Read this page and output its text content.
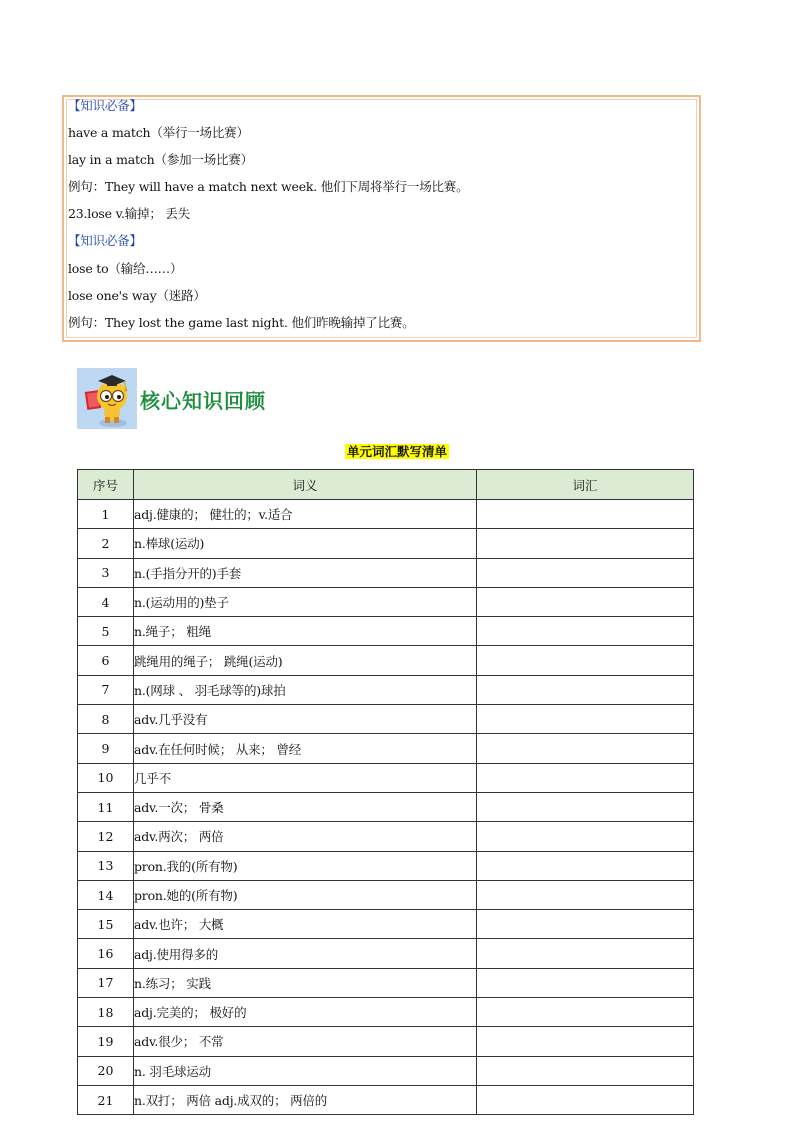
【知识必备】
have a match（举行一场比赛）
lay in a match（参加一场比赛）
例句：They will have a match next week. 他们下周将举行一场比赛。
23.lose v.输掉； 丢失
【知识必备】
lose to（输给……）
lose one's way（迷路）
例句：They lost the game last night. 他们昨晚输掉了比赛。
核心知识回顾
单元词汇默写清单
序号	词义	词汇
1	adj.健康的； 健壮的；v.适合	
2	n.棒球(运动)	
3	n.(手指分开的)手套	
4	n.(运动用的)垫子	
5	n.绳子； 粗绳	
6	跳绳用的绳子； 跳绳(运动)	
7	n.(网球 、 羽毛球等的)球拍	
8	adv.几乎没有	
9	adv.在任何时候； 从来； 曾经	
10	几乎不	
11	adv.一次； 骨桑	
12	adv.两次； 两倍	
13	pron.我的(所有物)	
14	pron.她的(所有物)	
15	adv.也许； 大概	
16	adj.使用得多的	
17	n.练习； 实践	
18	adj.完美的； 极好的	
19	adv.很少； 不常	
20	n. 羽毛球运动	
21	n.双打； 两倍 adj.成双的； 两倍的	
